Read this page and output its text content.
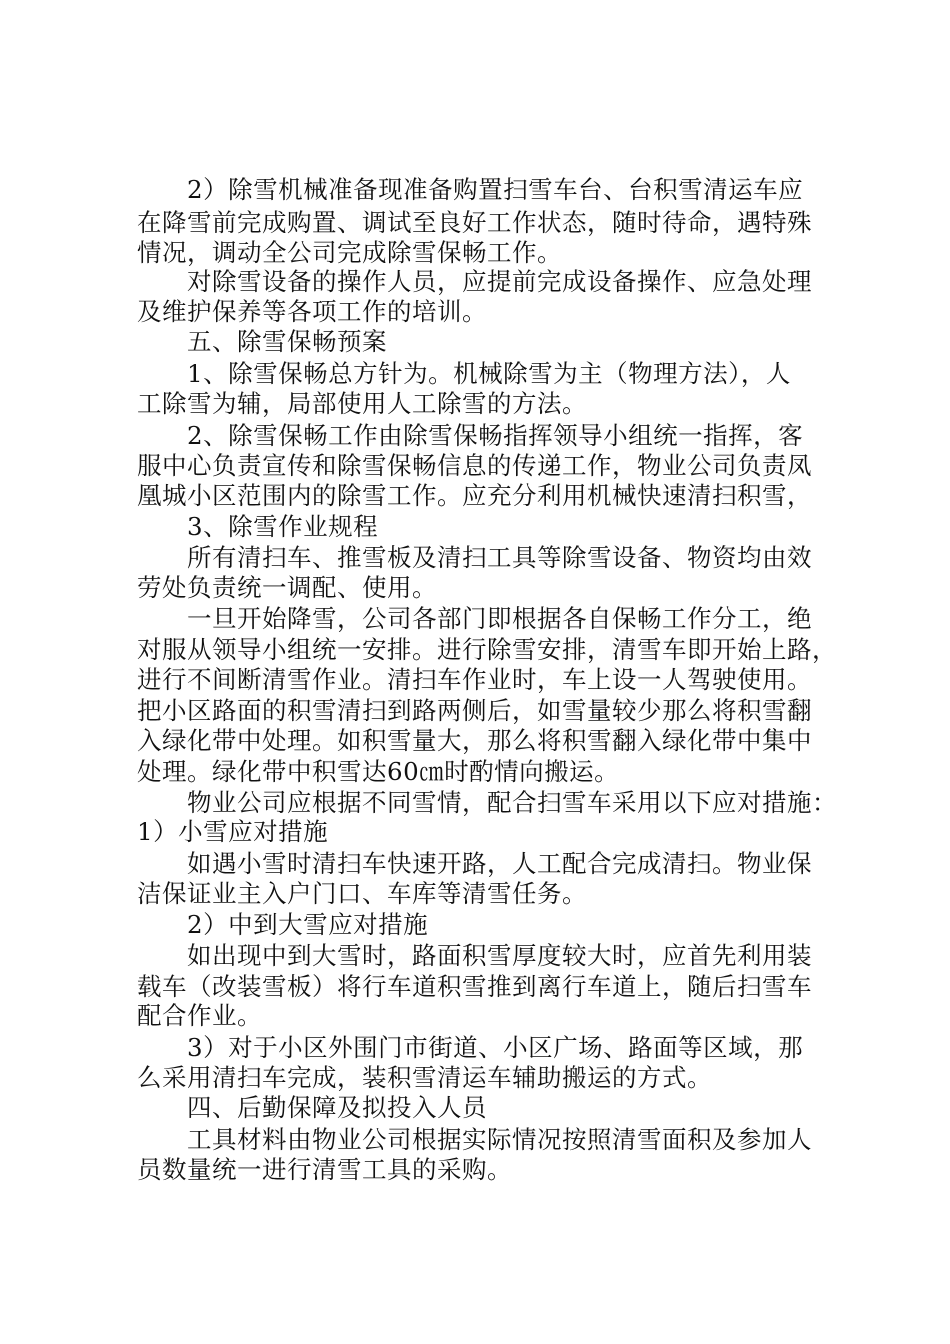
2）除雪机械准备现准备购置扫雪车台、台积雪清运车应
在降雪前完成购置、调试至良好工作状态，随时待命，遇特殊
情况，调动全公司完成除雪保畅工作。
对除雪设备的操作人员，应提前完成设备操作、应急处理
及维护保养等各项工作的培训。
五、除雪保畅预案
1、除雪保畅总方针为。机械除雪为主（物理方法），人
工除雪为辅，局部使用人工除雪的方法。
2、除雪保畅工作由除雪保畅指挥领导小组统一指挥，客
服中心负责宣传和除雪保畅信息的传递工作，物业公司负责凤
凰城小区范围内的除雪工作。应充分利用机械快速清扫积雪，
3、除雪作业规程
所有清扫车、推雪板及清扫工具等除雪设备、物资均由效
劳处负责统一调配、使用。
一旦开始降雪，公司各部门即根据各自保畅工作分工，绝
对服从领导小组统一安排。进行除雪安排，清雪车即开始上路，
进行不间断清雪作业。清扫车作业时，车上设一人驾驶使用。
把小区路面的积雪清扫到路两侧后，如雪量较少那么将积雪翻
入绿化带中处理。如积雪量大，那么将积雪翻入绿化带中集中
处理。绿化带中积雪达60㎝时酌情向搬运。
物业公司应根据不同雪情，配合扫雪车采用以下应对措施：
1）小雪应对措施
如遇小雪时清扫车快速开路，人工配合完成清扫。物业保
洁保证业主入户门口、车库等清雪任务。
2）中到大雪应对措施
如出现中到大雪时，路面积雪厚度较大时，应首先利用装
载车（改装雪板）将行车道积雪推到离行车道上，随后扫雪车
配合作业。
3）对于小区外围门市街道、小区广场、路面等区域，那
么采用清扫车完成，装积雪清运车辅助搬运的方式。
四、后勤保障及拟投入人员
工具材料由物业公司根据实际情况按照清雪面积及参加人
员数量统一进行清雪工具的采购。
